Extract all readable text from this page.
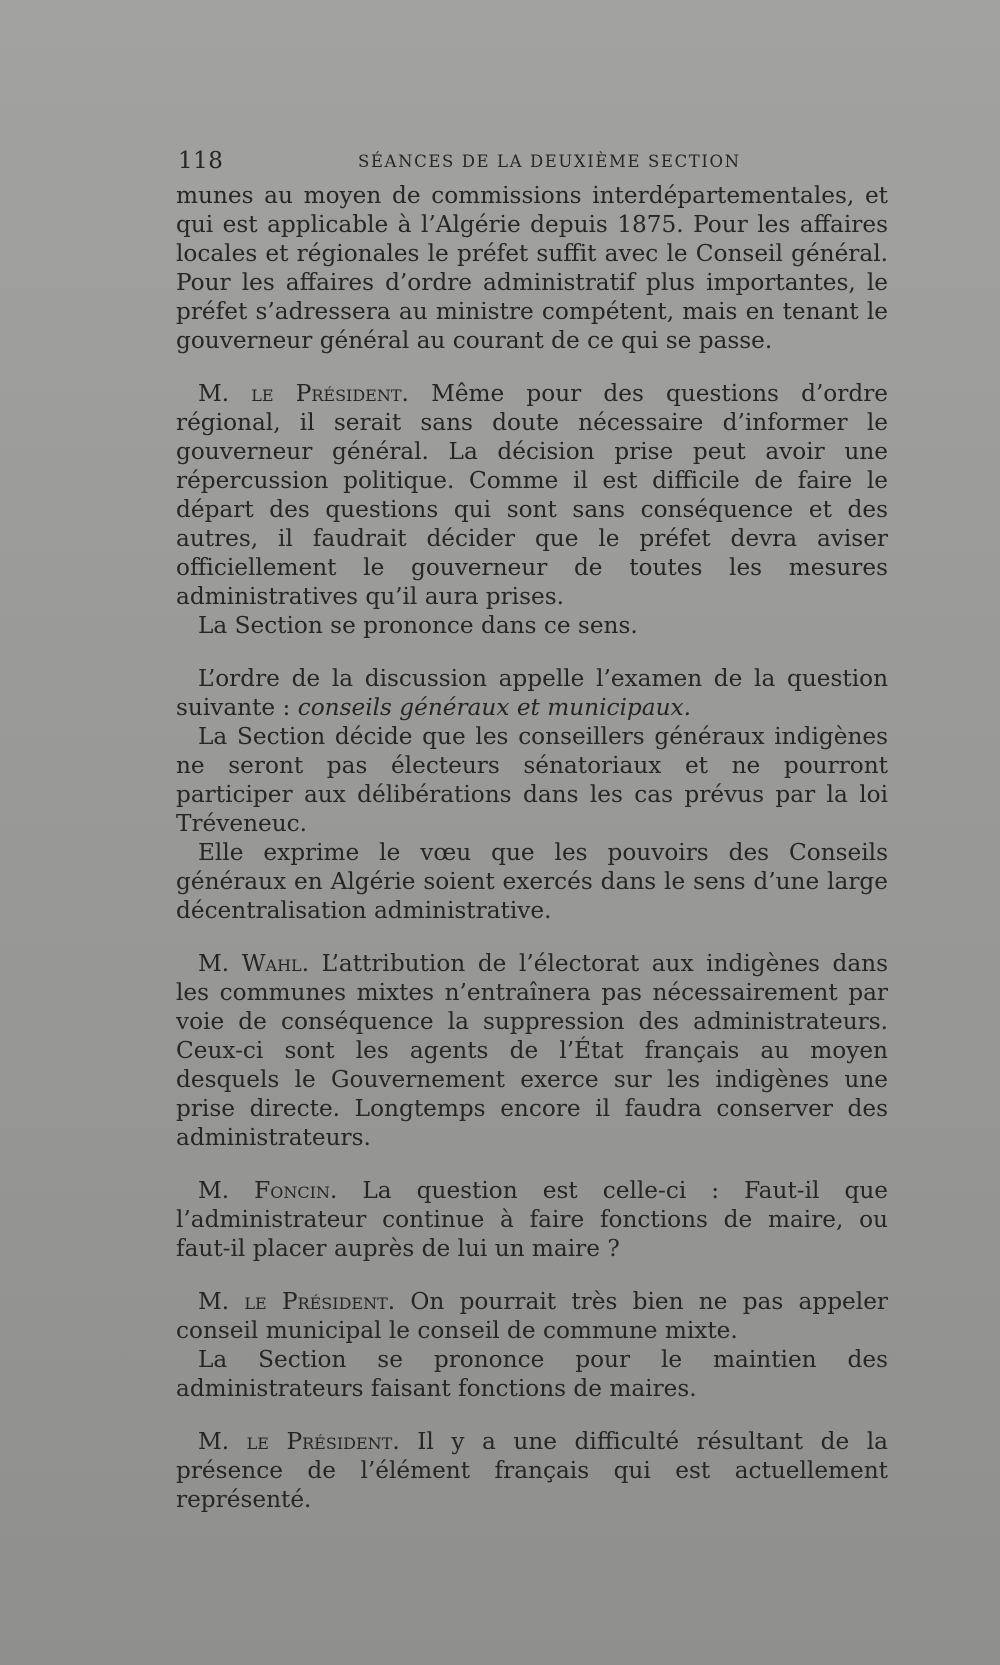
118	SÉANCES DE LA DEUXIÈME SECTION

munes au moyen de commissions interdépartementales, et qui est applicable à l’Algérie depuis 1875. Pour les affaires locales et régionales le préfet suffit avec le Conseil général. Pour les affaires d’ordre administratif plus importantes, le préfet s’adressera au ministre compétent, mais en tenant le gouverneur général au courant de ce qui se passe.

M. le Président. Même pour des questions d’ordre régional, il serait sans doute nécessaire d’informer le gouverneur général. La décision prise peut avoir une répercussion politique. Comme il est difficile de faire le départ des questions qui sont sans conséquence et des autres, il faudrait décider que le préfet devra aviser officiellement le gouverneur de toutes les mesures administratives qu’il aura prises.

La Section se prononce dans ce sens.

L’ordre de la discussion appelle l’examen de la question suivante : conseils généraux et municipaux.

La Section décide que les conseillers généraux indigènes ne seront pas électeurs sénatoriaux et ne pourront participer aux délibérations dans les cas prévus par la loi Tréveneuc.

Elle exprime le vœu que les pouvoirs des Conseils généraux en Algérie soient exercés dans le sens d’une large décentralisation administrative.

M. Wahl. L’attribution de l’électorat aux indigènes dans les communes mixtes n’entraînera pas nécessairement par voie de conséquence la suppression des administrateurs. Ceux-ci sont les agents de l’État français au moyen desquels le Gouvernement exerce sur les indigènes une prise directe. Longtemps encore il faudra conserver des administrateurs.

M. Foncin. La question est celle-ci : Faut-il que l’administrateur continue à faire fonctions de maire, ou faut-il placer auprès de lui un maire ?

M. le Président. On pourrait très bien ne pas appeler conseil municipal le conseil de commune mixte.

La Section se prononce pour le maintien des administrateurs faisant fonctions de maires.

M. le Président. Il y a une difficulté résultant de la présence de l’élément français qui est actuellement représenté.
